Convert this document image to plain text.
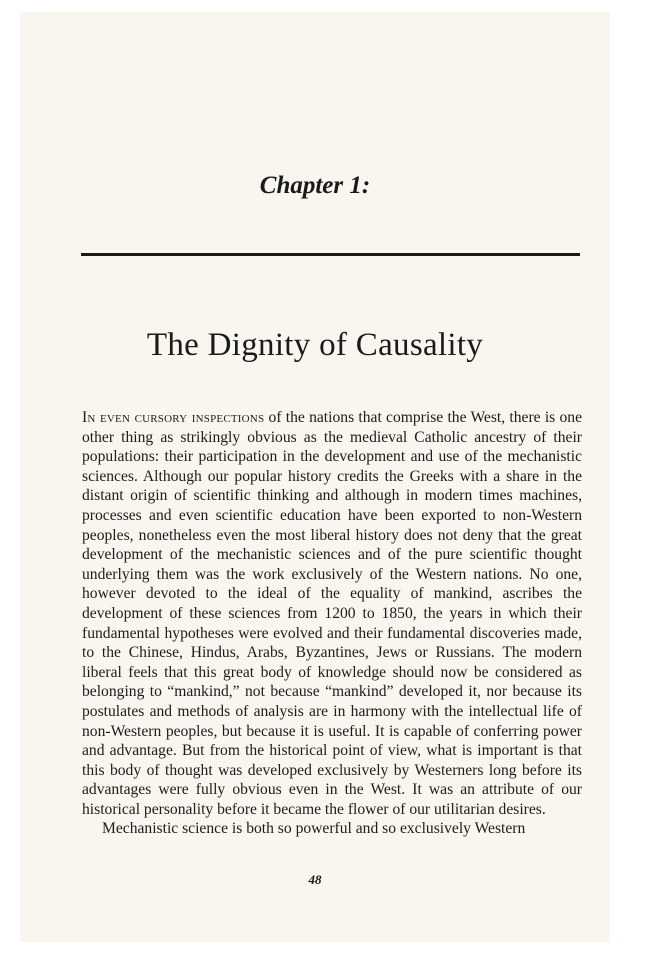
Chapter 1:
The Dignity of Causality

In even cursory inspections of the nations that comprise the West, there is one other thing as strikingly obvious as the medieval Catholic ancestry of their populations: their participation in the development and use of the mechanistic sciences. Although our popular history credits the Greeks with a share in the distant origin of scientific thinking and although in modern times machines, processes and even scientific education have been exported to non-Western peoples, nonetheless even the most liberal history does not deny that the great development of the mechanistic sciences and of the pure scientific thought underlying them was the work exclusively of the Western nations. No one, however devoted to the ideal of the equality of mankind, ascribes the development of these sciences from 1200 to 1850, the years in which their fundamental hypotheses were evolved and their fundamental discoveries made, to the Chinese, Hindus, Arabs, Byzantines, Jews or Russians. The modern liberal feels that this great body of knowledge should now be considered as belonging to “mankind,” not because “mankind” developed it, nor because its postulates and methods of analysis are in harmony with the intellectual life of non-Western peoples, but because it is useful. It is capable of conferring power and advantage. But from the historical point of view, what is important is that this body of thought was developed exclusively by Westerners long before its advantages were fully obvious even in the West. It was an attribute of our historical personality before it became the flower of our utilitarian desires.

Mechanistic science is both so powerful and so exclusively Western

48
